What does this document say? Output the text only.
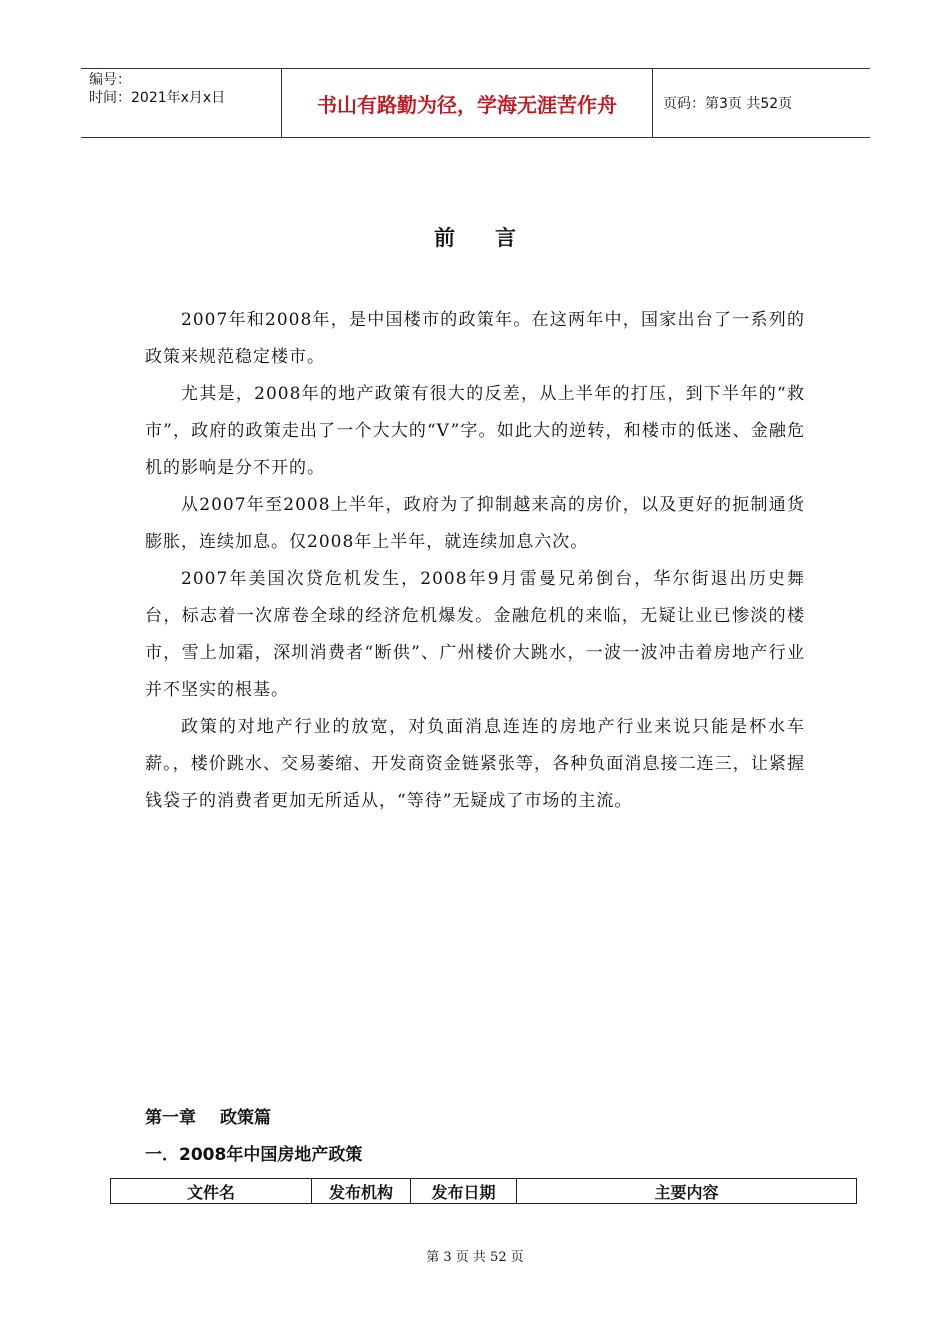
编号：
时间：2021年x月x日	书山有路勤为径，学海无涯苦作舟	页码：第3页 共52页
前言

2007年和2008年，是中国楼市的政策年。在这两年中，国家出台了一系列的政策来规范稳定楼市。

尤其是，2008年的地产政策有很大的反差，从上半年的打压，到下半年的“救市”，政府的政策走出了一个大大的“V”字。如此大的逆转，和楼市的低迷、金融危机的影响是分不开的。

从2007年至2008上半年，政府为了抑制越来高的房价，以及更好的扼制通货膨胀，连续加息。仅2008年上半年，就连续加息六次。

2007年美国次贷危机发生，2008年9月雷曼兄弟倒台，华尔街退出历史舞台，标志着一次席卷全球的经济危机爆发。金融危机的来临，无疑让业已惨淡的楼市，雪上加霜，深圳消费者“断供”、广州楼价大跳水，一波一波冲击着房地产行业并不坚实的根基。

政策的对地产行业的放宽，对负面消息连连的房地产行业来说只能是杯水车薪。，楼价跳水、交易萎缩、开发商资金链紧张等，各种负面消息接二连三，让紧握钱袋子的消费者更加无所适从，“等待”无疑成了市场的主流。

第一章 政策篇
一．2008年中国房地产政策
文件名	发布机构	发布日期	主要内容
第 3 页 共 52 页
